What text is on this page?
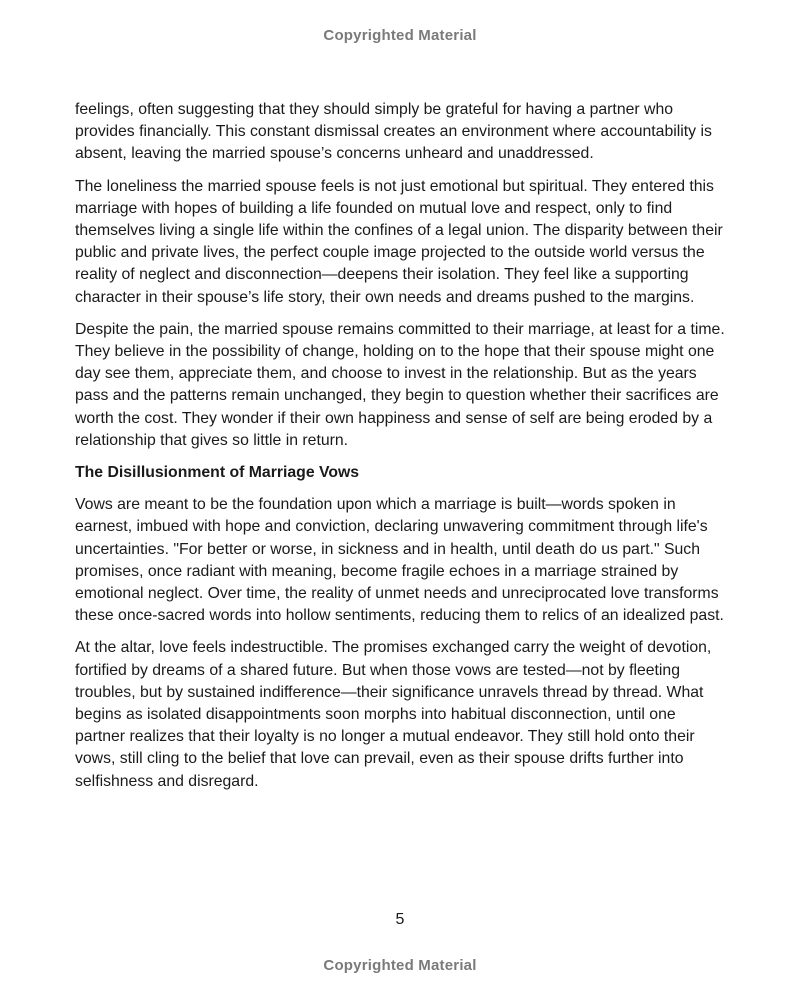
Copyrighted Material

feelings, often suggesting that they should simply be grateful for having a partner who provides financially. This constant dismissal creates an environment where accountability is absent, leaving the married spouse’s concerns unheard and unaddressed.

The loneliness the married spouse feels is not just emotional but spiritual. They entered this marriage with hopes of building a life founded on mutual love and respect, only to find themselves living a single life within the confines of a legal union. The disparity between their public and private lives, the perfect couple image projected to the outside world versus the reality of neglect and disconnection—deepens their isolation. They feel like a supporting character in their spouse’s life story, their own needs and dreams pushed to the margins.

Despite the pain, the married spouse remains committed to their marriage, at least for a time. They believe in the possibility of change, holding on to the hope that their spouse might one day see them, appreciate them, and choose to invest in the relationship. But as the years pass and the patterns remain unchanged, they begin to question whether their sacrifices are worth the cost. They wonder if their own happiness and sense of self are being eroded by a relationship that gives so little in return.

The Disillusionment of Marriage Vows

Vows are meant to be the foundation upon which a marriage is built—words spoken in earnest, imbued with hope and conviction, declaring unwavering commitment through life's uncertainties. "For better or worse, in sickness and in health, until death do us part." Such promises, once radiant with meaning, become fragile echoes in a marriage strained by emotional neglect. Over time, the reality of unmet needs and unreciprocated love transforms these once-sacred words into hollow sentiments, reducing them to relics of an idealized past.

At the altar, love feels indestructible. The promises exchanged carry the weight of devotion, fortified by dreams of a shared future. But when those vows are tested—not by fleeting troubles, but by sustained indifference—their significance unravels thread by thread. What begins as isolated disappointments soon morphs into habitual disconnection, until one partner realizes that their loyalty is no longer a mutual endeavor. They still hold onto their vows, still cling to the belief that love can prevail, even as their spouse drifts further into selfishness and disregard.

5
Copyrighted Material
